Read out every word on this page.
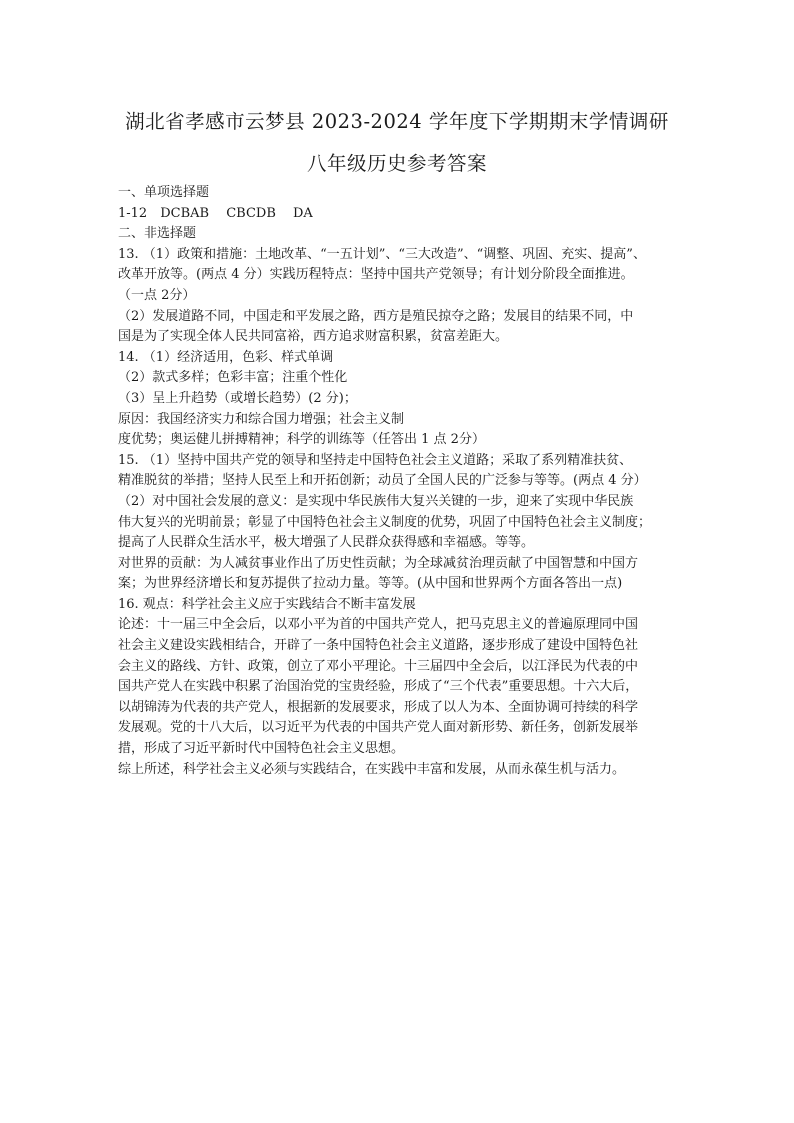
湖北省孝感市云梦县 2023-2024 学年度下学期期末学情调研
八年级历史参考答案
一、单项选择题
1-12　DCBAB　 CBCDB　 DA
二、非选择题
13. （1）政策和措施：土地改革、“一五计划”、“三大改造”、“调整、巩固、充实、提高”、
改革开放等。(两点 4 分）实践历程特点：坚持中国共产党领导；有计划分阶段全面推进。
（一点 2分）
（2）发展道路不同，中国走和平发展之路，西方是殖民掠夺之路；发展目的结果不同，中
国是为了实现全体人民共同富裕，西方追求财富积累，贫富差距大。
14. （1）经济适用，色彩、样式单调
（2）款式多样；色彩丰富；注重个性化
（3）呈上升趋势（或增长趋势）(2 分)；
原因：我国经济实力和综合国力增强；社会主义制
度优势；奥运健儿拼搏精神；科学的训练等（任答出 1 点 2分）
15. （1）坚持中国共产党的领导和坚持走中国特色社会主义道路；采取了系列精准扶贫、
精准脱贫的举措；坚持人民至上和开拓创新；动员了全国人民的广泛参与等等。(两点 4 分）
（2）对中国社会发展的意义：是实现中华民族伟大复兴关键的一步，迎来了实现中华民族
伟大复兴的光明前景；彰显了中国特色社会主义制度的优势，巩固了中国特色社会主义制度；
提高了人民群众生活水平，极大增强了人民群众获得感和幸福感。等等。
对世界的贡献：为人减贫事业作出了历史性贡献；为全球减贫治理贡献了中国智慧和中国方
案；为世界经济增长和复苏提供了拉动力量。等等。(从中国和世界两个方面各答出一点)
16. 观点：科学社会主义应于实践结合不断丰富发展
论述：十一届三中全会后，以邓小平为首的中国共产党人，把马克思主义的普遍原理同中国
社会主义建设实践相结合，开辟了一条中国特色社会主义道路，逐步形成了建设中国特色社
会主义的路线、方针、政策，创立了邓小平理论。十三届四中全会后，以江泽民为代表的中
国共产党人在实践中积累了治国治党的宝贵经验，形成了“三个代表”重要思想。十六大后，
以胡锦涛为代表的共产党人，根据新的发展要求，形成了以人为本、全面协调可持续的科学
发展观。党的十八大后，以习近平为代表的中国共产党人面对新形势、新任务，创新发展举
措，形成了习近平新时代中国特色社会主义思想。
综上所述，科学社会主义必须与实践结合，在实践中丰富和发展，从而永葆生机与活力。
